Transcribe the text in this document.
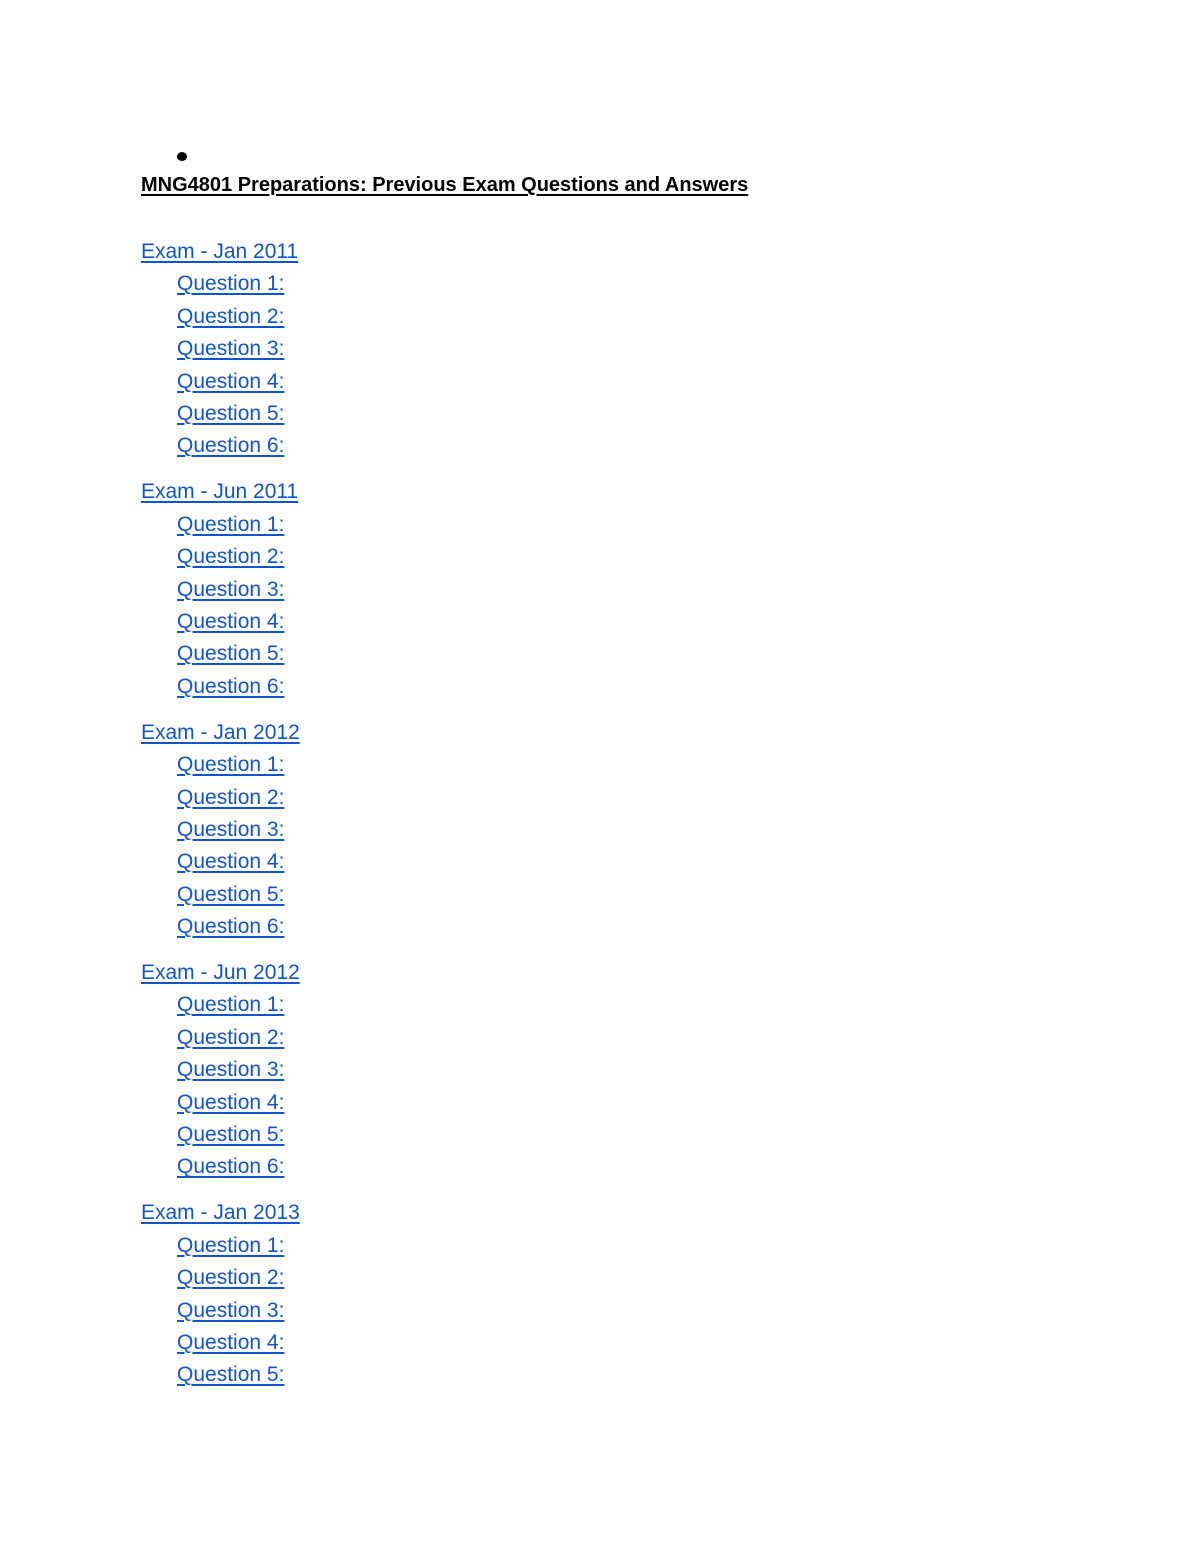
MNG4801 Preparations: Previous Exam Questions and Answers
Exam - Jan 2011
Question 1:
Question 2:
Question 3:
Question 4:
Question 5:
Question 6:
Exam - Jun 2011
Question 1:
Question 2:
Question 3:
Question 4:
Question 5:
Question 6:
Exam - Jan 2012
Question 1:
Question 2:
Question 3:
Question 4:
Question 5:
Question 6:
Exam - Jun 2012
Question 1:
Question 2:
Question 3:
Question 4:
Question 5:
Question 6:
Exam - Jan 2013
Question 1:
Question 2:
Question 3:
Question 4:
Question 5:
